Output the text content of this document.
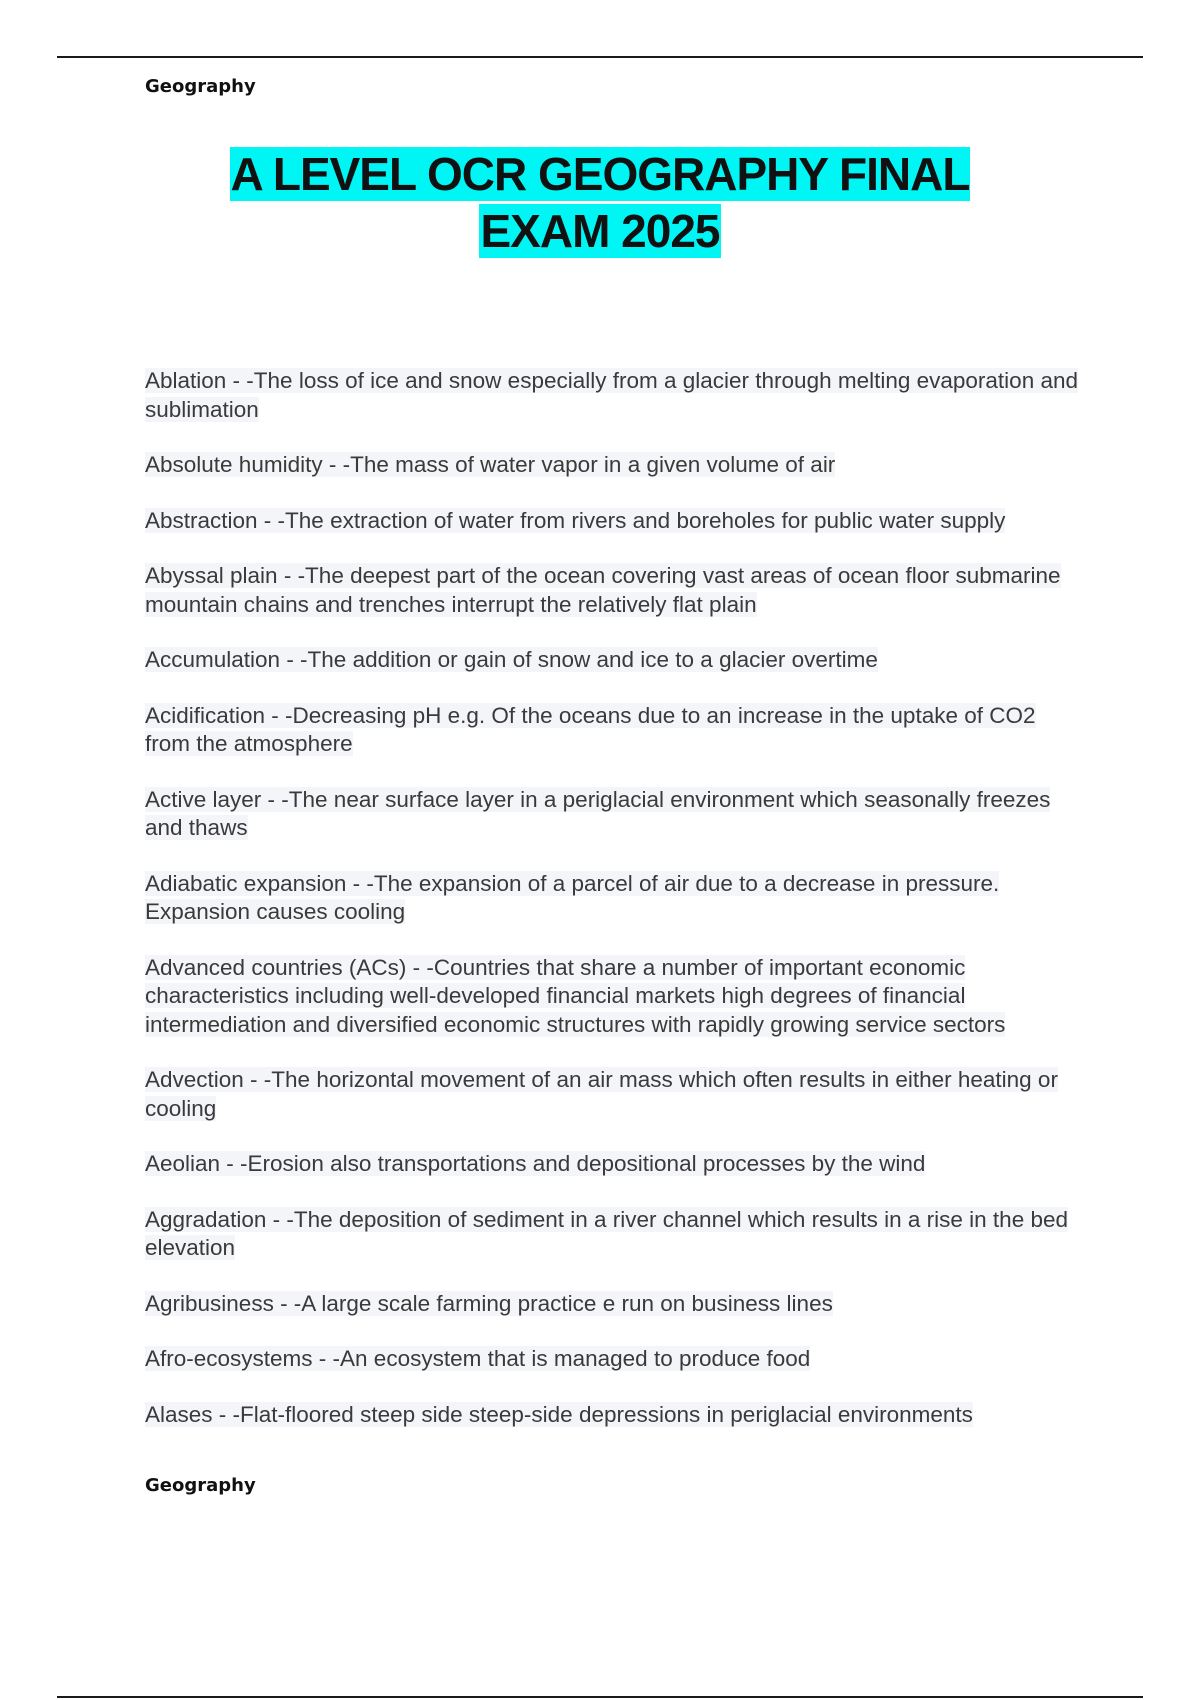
Geography
A LEVEL OCR GEOGRAPHY FINAL
EXAM 2025
Ablation - -The loss of ice and snow especially from a glacier through melting evaporation and sublimation
Absolute humidity - -The mass of water vapor in a given volume of air
Abstraction - -The extraction of water from rivers and boreholes for public water supply
Abyssal plain - -The deepest part of the ocean covering vast areas of ocean floor submarine mountain chains and trenches interrupt the relatively flat plain
Accumulation - -The addition or gain of snow and ice to a glacier overtime
Acidification - -Decreasing pH e.g. Of the oceans due to an increase in the uptake of CO2 from the atmosphere
Active layer - -The near surface layer in a periglacial environment which seasonally freezes and thaws
Adiabatic expansion - -The expansion of a parcel of air due to a decrease in pressure. Expansion causes cooling
Advanced countries (ACs) - -Countries that share a number of important economic characteristics including well-developed financial markets high degrees of financial intermediation and diversified economic structures with rapidly growing service sectors
Advection - -The horizontal movement of an air mass which often results in either heating or cooling
Aeolian - -Erosion also transportations and depositional processes by the wind
Aggradation - -The deposition of sediment in a river channel which results in a rise in the bed elevation
Agribusiness - -A large scale farming practice e run on business lines
Afro-ecosystems - -An ecosystem that is managed to produce food
Alases - -Flat-floored steep side steep-side depressions in periglacial environments
Geography
